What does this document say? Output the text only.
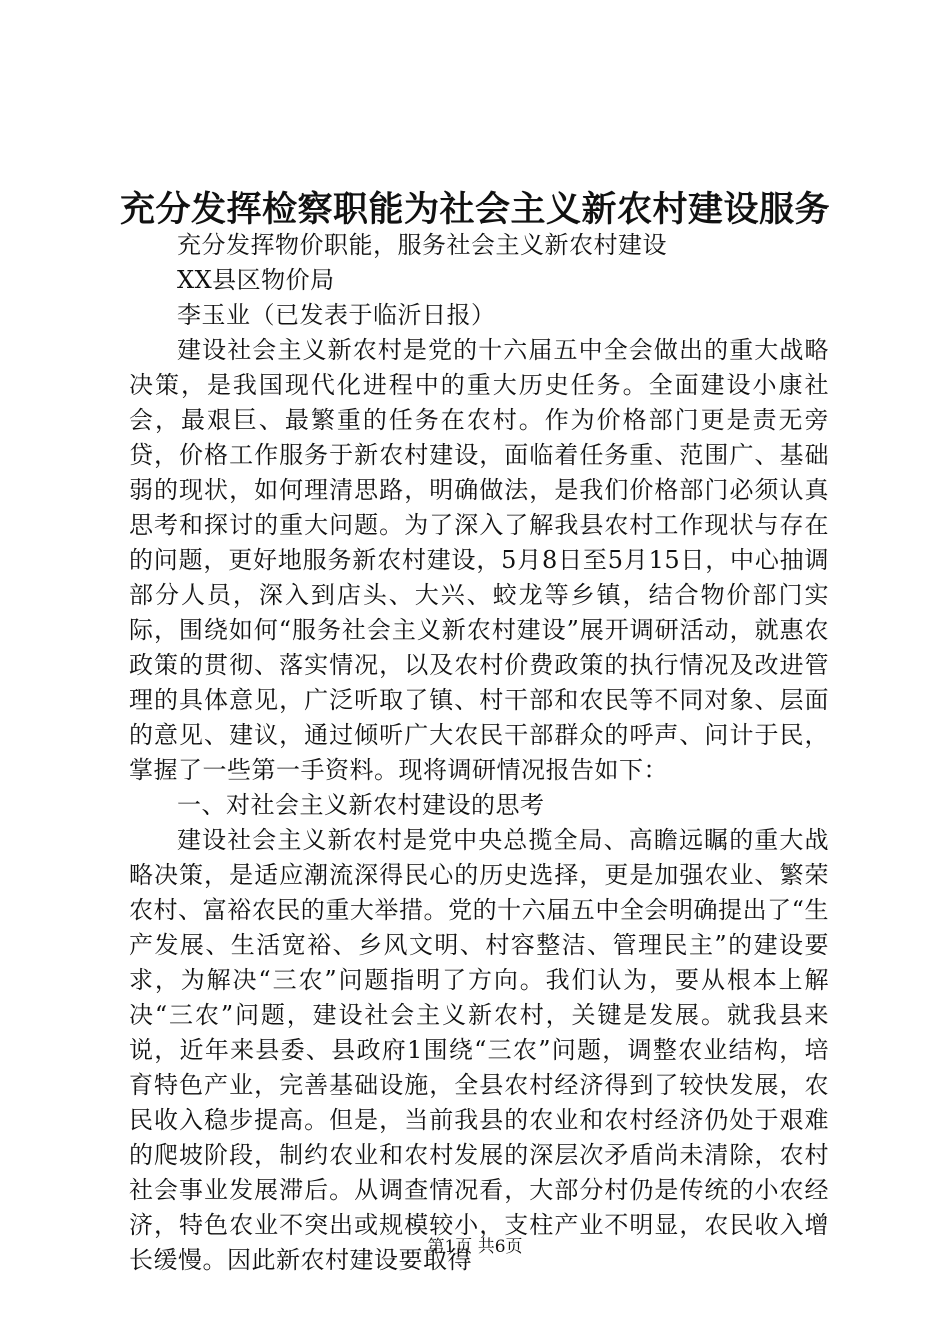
充分发挥检察职能为社会主义新农村建设服务

充分发挥物价职能，服务社会主义新农村建设

XX县区物价局

李玉业（已发表于临沂日报）

建设社会主义新农村是党的十六届五中全会做出的重大战略决策，是我国现代化进程中的重大历史任务。全面建设小康社会，最艰巨、最繁重的任务在农村。作为价格部门更是责无旁贷，价格工作服务于新农村建设，面临着任务重、范围广、基础弱的现状，如何理清思路，明确做法，是我们价格部门必须认真思考和探讨的重大问题。为了深入了解我县农村工作现状与存在的问题，更好地服务新农村建设，5月8日至5月15日，中心抽调部分人员，深入到店头、大兴、蛟龙等乡镇，结合物价部门实际，围绕如何“服务社会主义新农村建设”展开调研活动，就惠农政策的贯彻、落实情况，以及农村价费政策的执行情况及改进管理的具体意见，广泛听取了镇、村干部和农民等不同对象、层面的意见、建议，通过倾听广大农民干部群众的呼声、问计于民，掌握了一些第一手资料。现将调研情况报告如下：

一、对社会主义新农村建设的思考

建设社会主义新农村是党中央总揽全局、高瞻远瞩的重大战略决策，是适应潮流深得民心的历史选择，更是加强农业、繁荣农村、富裕农民的重大举措。党的十六届五中全会明确提出了“生产发展、生活宽裕、乡风文明、村容整洁、管理民主”的建设要求，为解决“三农”问题指明了方向。我们认为，要从根本上解决“三农”问题，建设社会主义新农村，关键是发展。就我县来说，近年来县委、县政府1围绕“三农”问题，调整农业结构，培育特色产业，完善基础设施，全县农村经济得到了较快发展，农民收入稳步提高。但是，当前我县的农业和农村经济仍处于艰难的爬坡阶段，制约农业和农村发展的深层次矛盾尚未清除，农村社会事业发展滞后。从调查情况看，大部分村仍是传统的小农经济，特色农业不突出或规模较小，支柱产业不明显，农民收入增长缓慢。因此新农村建设要取得

第1页 共6页
